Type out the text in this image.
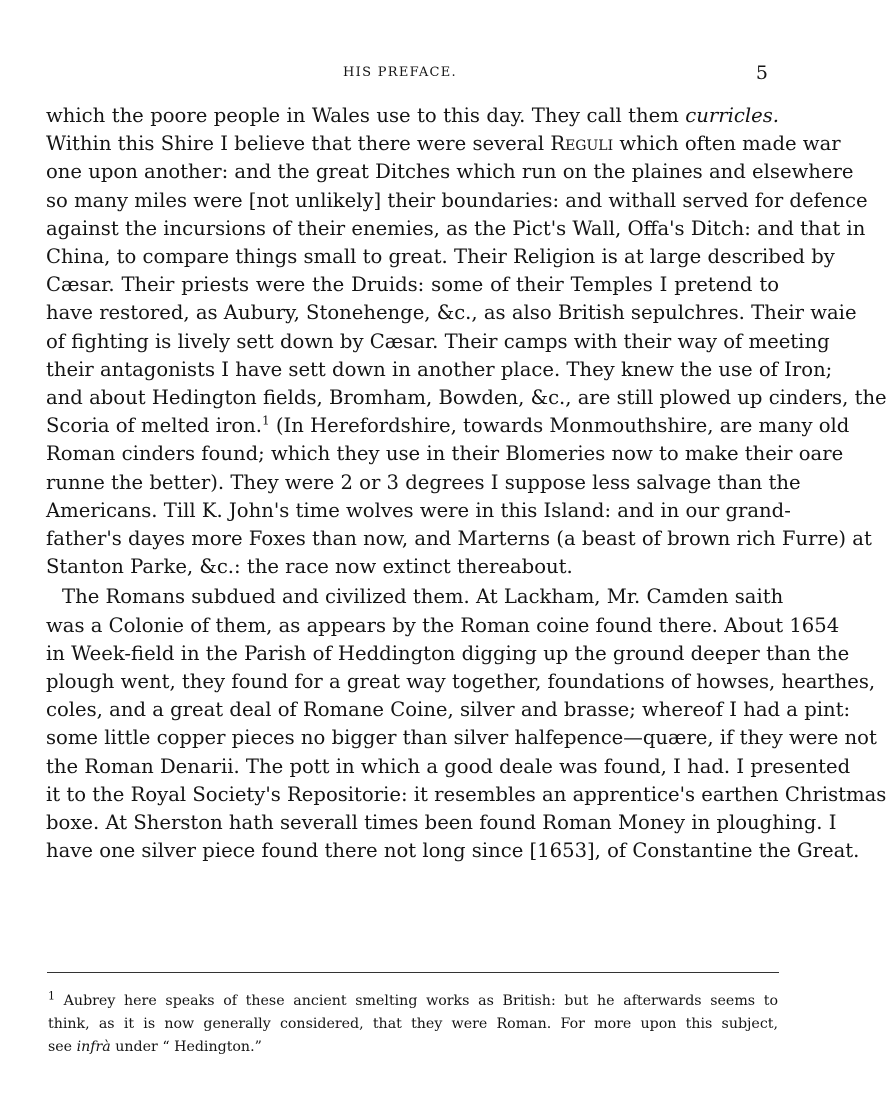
HIS PREFACE.	5
which the poore people in Wales use to this day. They call them curricles.
Within this Shire I believe that there were several Reguli which often made war
one upon another: and the great Ditches which run on the plaines and elsewhere
so many miles were [not unlikely] their boundaries: and withall served for defence
against the incursions of their enemies, as the Pict's Wall, Offa's Ditch: and that in
China, to compare things small to great. Their Religion is at large described by
Cæsar. Their priests were the Druids: some of their Temples I pretend to
have restored, as Aubury, Stonehenge, &c., as also British sepulchres. Their waie
of fighting is lively sett down by Cæsar. Their camps with their way of meeting
their antagonists I have sett down in another place. They knew the use of Iron;
and about Hedington fields, Bromham, Bowden, &c., are still plowed up cinders, the
Scoria of melted iron.$^1$ (In Herefordshire, towards Monmouthshire, are many old
Roman cinders found; which they use in their Blomeries now to make their oare
runne the better). They were 2 or 3 degrees I suppose less salvage than the
Americans. Till K. John's time wolves were in this Island: and in our grand-
father's dayes more Foxes than now, and Marterns (a beast of brown rich Furre) at
Stanton Parke, &c.: the race now extinct thereabout.
The Romans subdued and civilized them. At Lackham, Mr. Camden saith
was a Colonie of them, as appears by the Roman coine found there. About 1654
in Week-field in the Parish of Heddington digging up the ground deeper than the
plough went, they found for a great way together, foundations of howses, hearthes,
coles, and a great deal of Romane Coine, silver and brasse; whereof I had a pint:
some little copper pieces no bigger than silver halfepence—quære, if they were not
the Roman Denarii. The pott in which a good deale was found, I had. I presented
it to the Royal Society's Repositorie: it resembles an apprentice's earthen Christmas
boxe. At Sherston hath severall times been found Roman Money in ploughing. I
have one silver piece found there not long since [1653], of Constantine the Great.
$^1$ Aubrey here speaks of these ancient smelting works as British: but he afterwards seems to
think, as it is now generally considered, that they were Roman. For more upon this subject,
see infrà under “ Hedington.”
